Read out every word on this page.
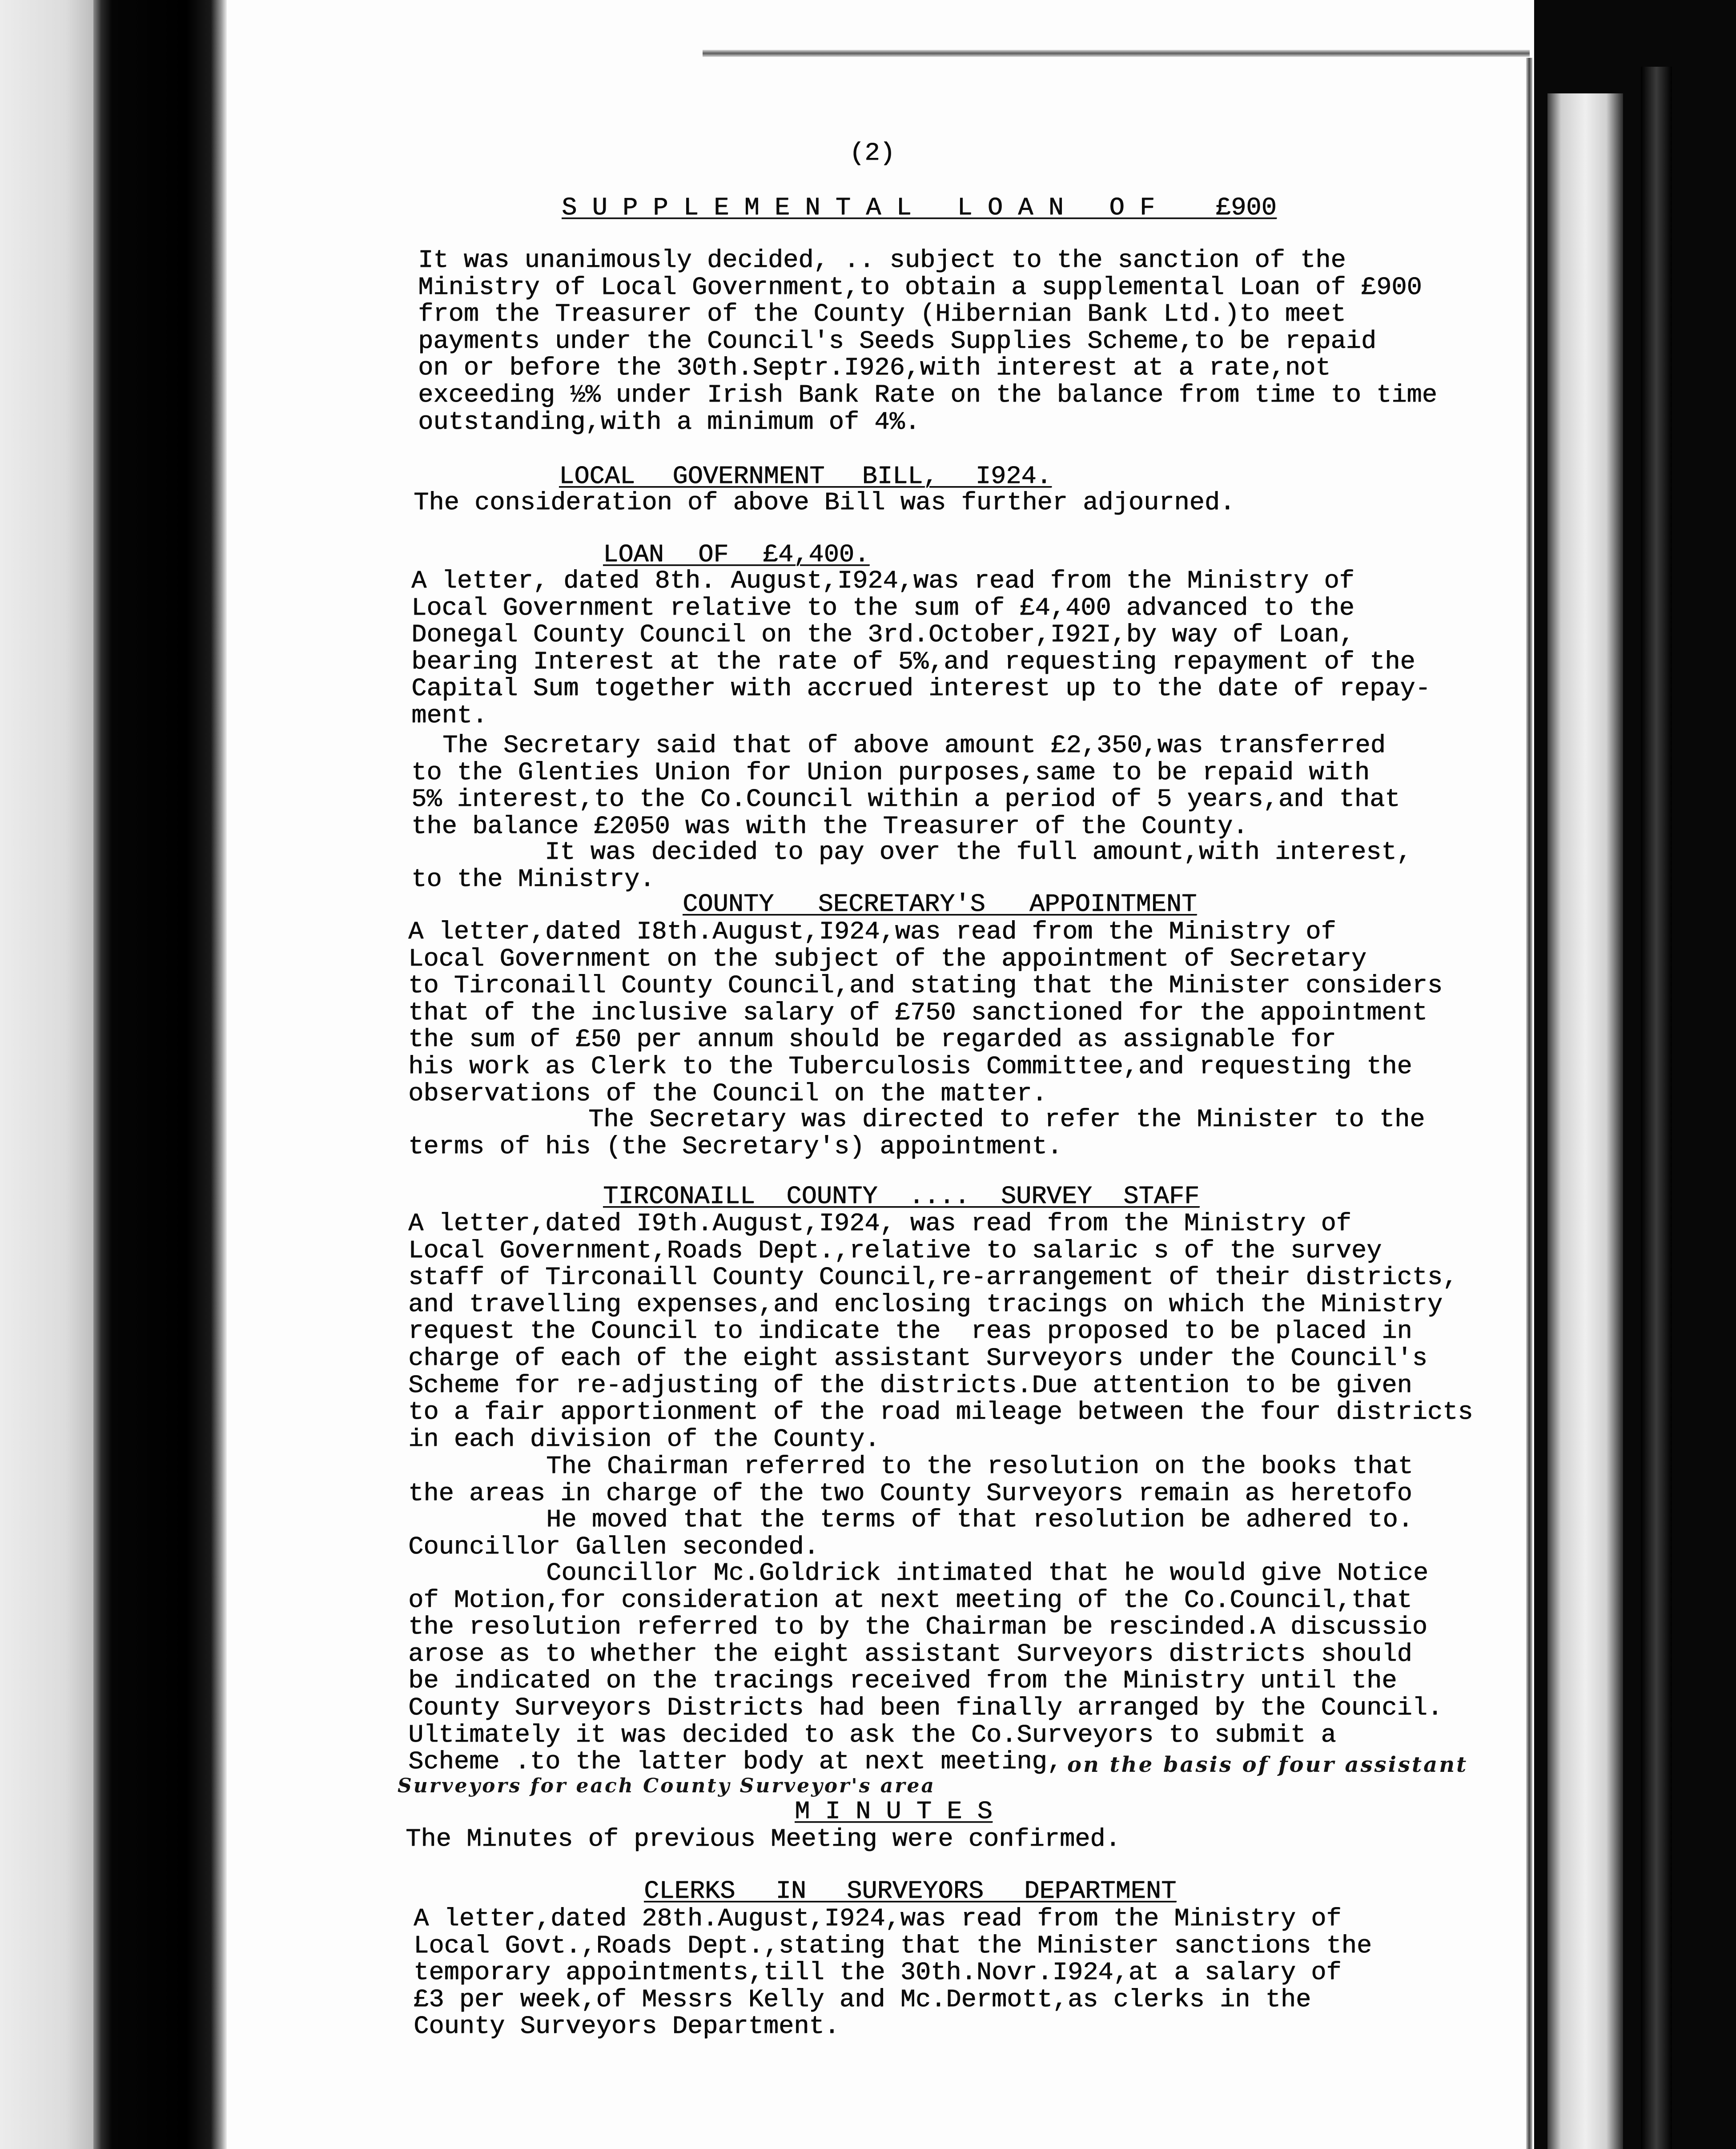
(2)
S U P P L E M E N T A L   L O A N   O F    £900
It was unanimously decided, .. subject to the sanction of the
Ministry of Local Government,to obtain a supplemental Loan of £900
from the Treasurer of the County (Hibernian Bank Ltd.)to meet
payments under the Council's Seeds Supplies Scheme,to be repaid
on or before the 30th.Septr.I926,with interest at a rate,not
exceeding ½% under Irish Bank Rate on the balance from time to time
outstanding,with a minimum of 4%.
LOCAL GOVERNMENT BILL, I924.
The consideration of above Bill was further adjourned.
LOAN OF £4,400.
A letter, dated 8th. August,I924,was read from the Ministry of
Local Government relative to the sum of £4,400 advanced to the
Donegal County Council on the 3rd.October,I92I,by way of Loan,
bearing Interest at the rate of 5%,and requesting repayment of the
Capital Sum together with accrued interest up to the date of repay-
ment.
The Secretary said that of above amount £2,350,was transferred
to the Glenties Union for Union purposes,same to be repaid with
5% interest,to the Co.Council within a period of 5 years,and that
the balance £2050 was with the Treasurer of the County.
It was decided to pay over the full amount,with interest,
to the Ministry.
COUNTY SECRETARY'S APPOINTMENT
A letter,dated I8th.August,I924,was read from the Ministry of
Local Government on the subject of the appointment of Secretary
to Tirconaill County Council,and stating that the Minister considers
that of the inclusive salary of £750 sanctioned for the appointment
the sum of £50 per annum should be regarded as assignable for
his work as Clerk to the Tuberculosis Committee,and requesting the
observations of the Council on the matter.
The Secretary was directed to refer the Minister to the
terms of his (the Secretary's) appointment.
TIRCONAILL COUNTY .... SURVEY STAFF
A letter,dated I9th.August,I924, was read from the Ministry of
Local Government,Roads Dept.,relative to salaric s of the survey
staff of Tirconaill County Council,re-arrangement of their districts,
and travelling expenses,and enclosing tracings on which the Ministry
request the Council to indicate the  reas proposed to be placed in
charge of each of the eight assistant Surveyors under the Council's
Scheme for re-adjusting of the districts.Due attention to be given
to a fair apportionment of the road mileage between the four districts
in each division of the County.
The Chairman referred to the resolution on the books that
the areas in charge of the two County Surveyors remain as heretofo
He moved that the terms of that resolution be adhered to.
Councillor Gallen seconded.
Councillor Mc.Goldrick intimated that he would give Notice
of Motion,for consideration at next meeting of the Co.Council,that
the resolution referred to by the Chairman be rescinded.A discussio
arose as to whether the eight assistant Surveyors districts should
be indicated on the tracings received from the Ministry until the
County Surveyors Districts had been finally arranged by the Council.
Ultimately it was decided to ask the Co.Surveyors to submit a
Scheme .to the latter body at next meeting, on the basis of four assistant
Surveyors for each County Surveyor's area
M I N U T E S
The Minutes of previous Meeting were confirmed.
CLERKS IN SURVEYORS DEPARTMENT
A letter,dated 28th.August,I924,was read from the Ministry of
Local Govt.,Roads Dept.,stating that the Minister sanctions the
temporary appointments,till the 30th.Novr.I924,at a salary of
£3 per week,of Messrs Kelly and Mc.Dermott,as clerks in the
County Surveyors Department.
